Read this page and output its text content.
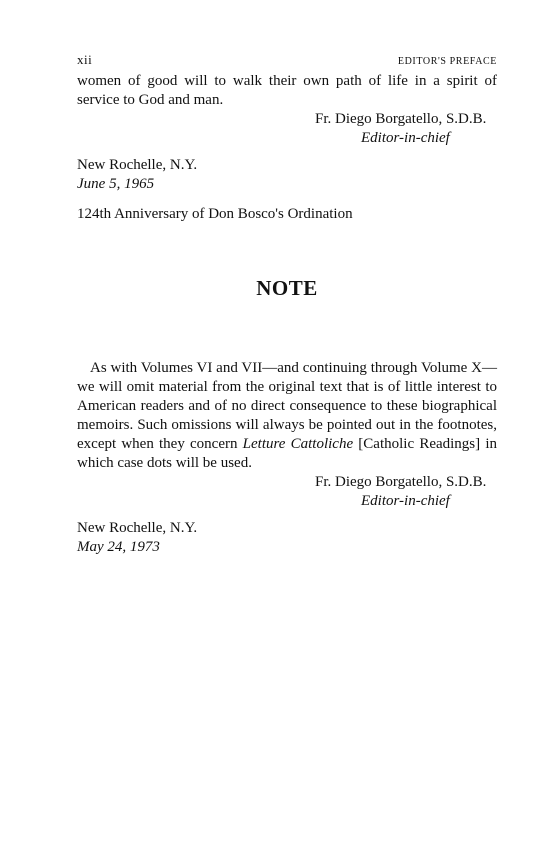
xii	EDITOR'S PREFACE

women of good will to walk their own path of life in a spirit of service to God and man.

Fr. Diego Borgatello, S.D.B.
Editor-in-chief
New Rochelle, N.Y.
June 5, 1965
124th Anniversary of Don Bosco's Ordination
NOTE

As with Volumes VI and VII—and continuing through Volume X—we will omit material from the original text that is of little interest to American readers and of no direct consequence to these biographical memoirs. Such omissions will always be pointed out in the footnotes, except when they concern Letture Cattoliche [Catholic Readings] in which case dots will be used.

Fr. Diego Borgatello, S.D.B.
Editor-in-chief
New Rochelle, N.Y.
May 24, 1973
